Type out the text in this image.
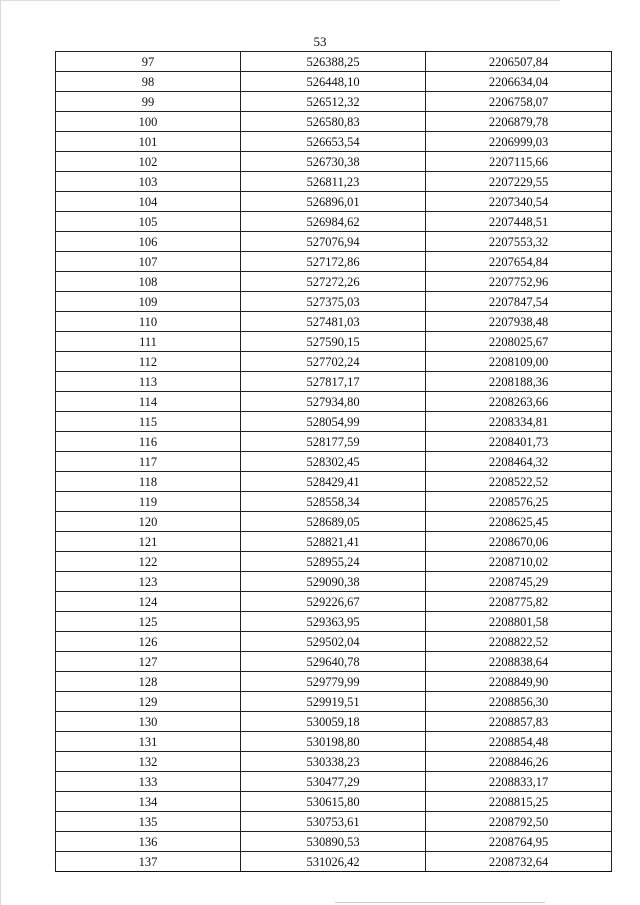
53
97	526388,25	2206507,84
98	526448,10	2206634,04
99	526512,32	2206758,07
100	526580,83	2206879,78
101	526653,54	2206999,03
102	526730,38	2207115,66
103	526811,23	2207229,55
104	526896,01	2207340,54
105	526984,62	2207448,51
106	527076,94	2207553,32
107	527172,86	2207654,84
108	527272,26	2207752,96
109	527375,03	2207847,54
110	527481,03	2207938,48
111	527590,15	2208025,67
112	527702,24	2208109,00
113	527817,17	2208188,36
114	527934,80	2208263,66
115	528054,99	2208334,81
116	528177,59	2208401,73
117	528302,45	2208464,32
118	528429,41	2208522,52
119	528558,34	2208576,25
120	528689,05	2208625,45
121	528821,41	2208670,06
122	528955,24	2208710,02
123	529090,38	2208745,29
124	529226,67	2208775,82
125	529363,95	2208801,58
126	529502,04	2208822,52
127	529640,78	2208838,64
128	529779,99	2208849,90
129	529919,51	2208856,30
130	530059,18	2208857,83
131	530198,80	2208854,48
132	530338,23	2208846,26
133	530477,29	2208833,17
134	530615,80	2208815,25
135	530753,61	2208792,50
136	530890,53	2208764,95
137	531026,42	2208732,64
